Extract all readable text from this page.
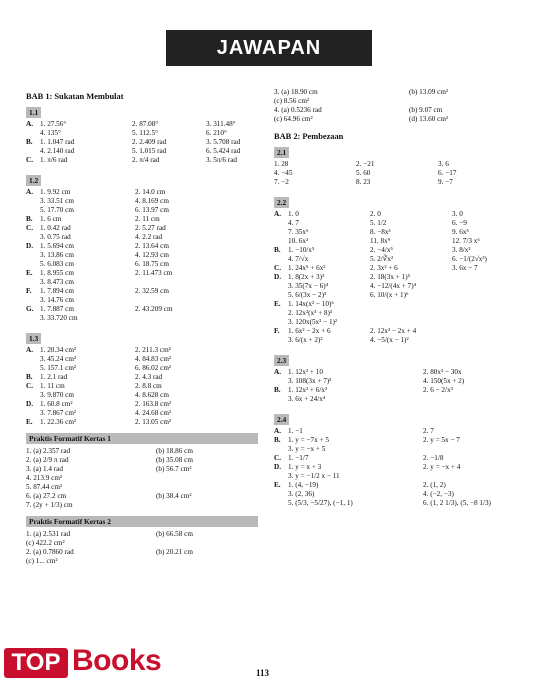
JAWAPAN
BAB 1: Sukatan Membulat
1.1
A. 1. 27.56°	2. 87.08°	3. 311.48°
4. 135°	5. 112.5°	6. 210°
B.	1. 1.047 rad	2. 2.409 rad	3. 5.708 rad
4. 2.140 rad	5. 1.015 rad	6. 5.424 rad
C. 1. π/6 rad	2. π/4 rad	3. 5π/6 rad
1.2
A. 1. 9.92 cm	2. 14.0 cm
3. 33.51 cm	4. 8.169 cm
5. 17.70 cm	6. 13.97 cm
B.	1. 6 cm	2. 11 cm
C. 1. 0.42 rad	2. 5.27 rad
3. 0.75 rad	4. 2.2 rad
D. 1. 5.694 cm	2. 13.64 cm
3. 13.86 cm	4. 12.93 cm
5. 6.083 cm	6. 18.75 cm
E.	1. 8.955 cm	2. 11.473 cm
3. 8.473 cm
F.	1. 7.894 cm	2. 32.59 cm
3. 14.76 cm
G. 1. 7.887 cm	2. 43.209 cm
3. 33.720 cm
1.3
A. 1. 20.34 cm²	2. 211.3 cm²
3. 45.24 cm²	4. 84.83 cm²
5. 157.1 cm²	6. 86.02 cm²
B.	1. 2.1 rad	2. 4.3 rad
C. 1. 11 cm	2. 8.8 cm
3. 9.870 cm	4. 8.628 cm
D. 1. 60.8 cm²	2. 163.8 cm²
3. 7.867 cm²	4. 24.68 cm²
E.	1. 22.36 cm²	2. 13.05 cm²
Praktis Formatif Kertas 1
1. (a) 2.357 rad	(b) 18.86 cm
2. (a) 2/9 π rad	(b) 35.08 cm
3. (a) 1.4 rad	(b) 56.7 cm²
4. 213.9 cm²
5. 87.44 cm²
6. (a) 27.2 cm	(b) 38.4 cm²
7. (2y + 1/3) cm
Praktis Formatif Kertas 2
1. (a) 2.531 rad	(b) 66.58 cm
(c) 422.2 cm²
2. (a) 0.7860 rad	(b) 20.21 cm
(c) 1... cm²
3. (a) 18.90 cm	(b) 13.09 cm²
(c) 8.56 cm²
4. (a) 0.5236 rad	(b) 9.07 cm
(c) 64.96 cm²	(d) 13.60 cm²
BAB 2: Pembezaan
2.1
1. 28	2. −21	3. 6
4. −45	5. 60	6. −17
7. −2	8. 23	9. −7
2.2
A. 1. 0	2. 0	3. 0
4. 7	5. 1/2	6. −9
7. 35x⁶	8. −8x³	9. 6x⁵
10. 6x²	11. 8x⁹	12. 7/3 x⁶
B.	1. −10/x⁵	2. −4/x⁵	3. 8/x²
4. 7/√x	5. 2/∛x²	6. −1/(2√x³)
C. 1. 24x⁵ + 6x²	2. 3x² + 6	3. 6x − 7
D. 1. 8(2x + 3)³	2. 18(3x + 1)⁵
3. 35(7x − 6)⁴	4. −12/(4x + 7)⁴
5. 6/(3x − 2)³	6. 10/(x + 1)⁶
E.	1. 14x(x² − 10)⁶
2. 12x²(x³ + 8)³
3. 120x(5x² − 1)²
F.	1. 6x² − 2x + 6	2. 12x² − 2x + 4
3. 6/(x + 2)²	4. −5/(x − 1)²
2.3
A. 1. 12x² + 10	2. 80x³ − 30x
3. 108(3x + 7)²	4. 150(5x + 2)
B.	1. 12x² + 6/x³	2. 6 − 2/x³
3. 6x + 24/x⁴
2.4
A. 1. −1	2. 7
B.	1. y = −7x + 5	2. y = 5x − 7
3. y = −x + 5
C. 1. −1/7	2. −1/8
D. 1. y = x + 3	2. y = −x + 4
3. y = −1/2 x − 11
E.	1. (4, −19)	2. (1, 2)
3. (2, 36)	4. (−2, −3)
5. (5/3, −5/27), (−1, 1)	6. (1, 2 1/3), (5, −8 1/3)
113
TOP Books
